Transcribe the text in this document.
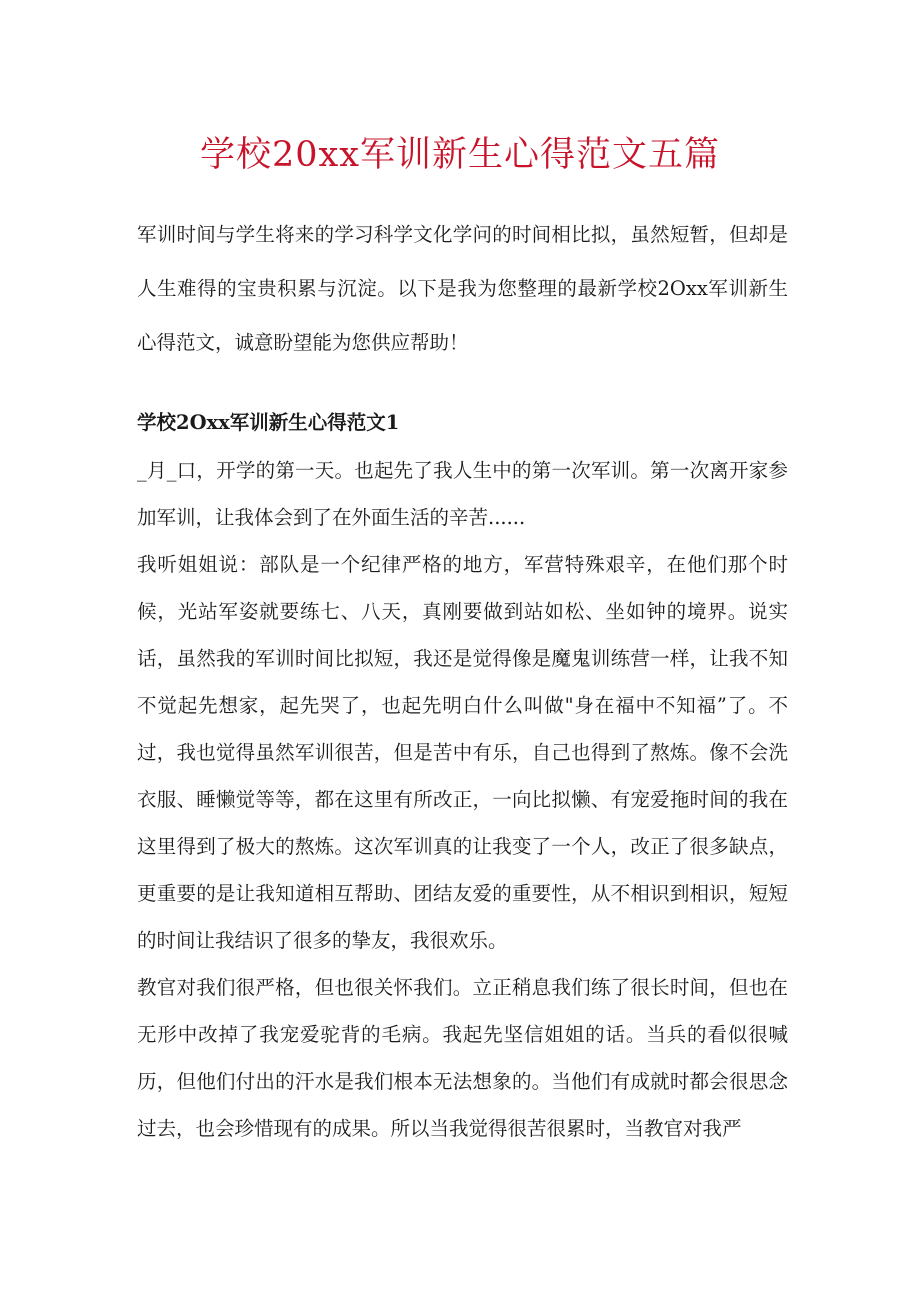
学校20xx军训新生心得范文五篇

军训时间与学生将来的学习科学文化学问的时间相比拟，虽然短暂，但却是人生难得的宝贵积累与沉淀。以下是我为您整理的最新学校2Oxx军训新生心得范文，诚意盼望能为您供应帮助！

学校2Oxx军训新生心得范文1

_月_口，开学的第一天。也起先了我人生中的第一次军训。第一次离开家参加军训，让我体会到了在外面生活的辛苦......

我听姐姐说：部队是一个纪律严格的地方，军营特殊艰辛，在他们那个时候，光站军姿就要练七、八天，真刚要做到站如松、坐如钟的境界。说实话，虽然我的军训时间比拟短，我还是觉得像是魔鬼训练营一样，让我不知不觉起先想家，起先哭了，也起先明白什么叫做"身在福中不知福”了。不过，我也觉得虽然军训很苦，但是苦中有乐，自己也得到了熬炼。像不会洗衣服、睡懒觉等等，都在这里有所改正，一向比拟懒、有宠爱拖时间的我在这里得到了极大的熬炼。这次军训真的让我变了一个人，改正了很多缺点，更重要的是让我知道相互帮助、团结友爱的重要性，从不相识到相识，短短的时间让我结识了很多的挚友，我很欢乐。

教官对我们很严格，但也很关怀我们。立正稍息我们练了很长时间，但也在无形中改掉了我宠爱驼背的毛病。我起先坚信姐姐的话。当兵的看似很喊历，但他们付出的汗水是我们根本无法想象的。当他们有成就时都会很思念过去，也会珍惜现有的成果。所以当我觉得很苦很累时，当教官对我严
